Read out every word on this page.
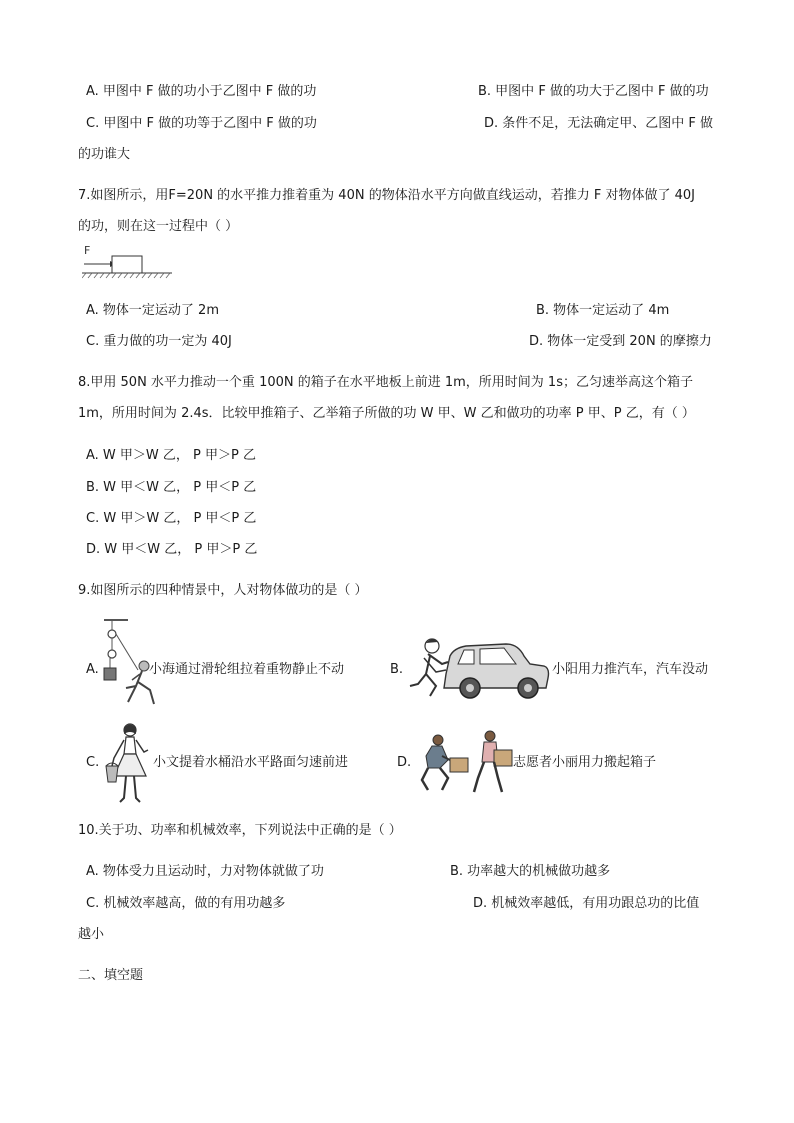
A. 甲图中 F 做的功小于乙图中 F 做的功	B. 甲图中 F 做的功大于乙图中 F 做的功
C. 甲图中 F 做的功等于乙图中 F 做的功	D. 条件不足，无法确定甲、乙图中 F 做
的功谁大
7.如图所示，用F=20N 的水平推力推着重为 40N 的物体沿水平方向做直线运动，若推力 F 对物体做了 40J
的功，则在这一过程中（ ）
F
A. 物体一定运动了 2m	B. 物体一定运动了 4m
C. 重力做的功一定为 40J	D. 物体一定受到 20N 的摩擦力
8.甲用 50N 水平力推动一个重 100N 的箱子在水平地板上前进 1m，所用时间为 1s；乙匀速举高这个箱子
1m，所用时间为 2.4s．比较甲推箱子、乙举箱子所做的功 W 甲、W 乙和做功的功率 P 甲、P 乙，有（ ）
A. W 甲＞W 乙， P 甲＞P 乙
B. W 甲＜W 乙， P 甲＜P 乙
C. W 甲＞W 乙， P 甲＜P 乙
D. W 甲＜W 乙， P 甲＞P 乙
9.如图所示的四种情景中，人对物体做功的是（ ）
A.	小海通过滑轮组拉着重物静止不动	B.	小阳用力推汽车，汽车没动
C.	小文提着水桶沿水平路面匀速前进	D.	志愿者小丽用力搬起箱子
10.关于功、功率和机械效率，下列说法中正确的是（ ）
A. 物体受力且运动时，力对物体就做了功	B. 功率越大的机械做功越多
C. 机械效率越高，做的有用功越多	D. 机械效率越低，有用功跟总功的比值
越小
二、填空题
